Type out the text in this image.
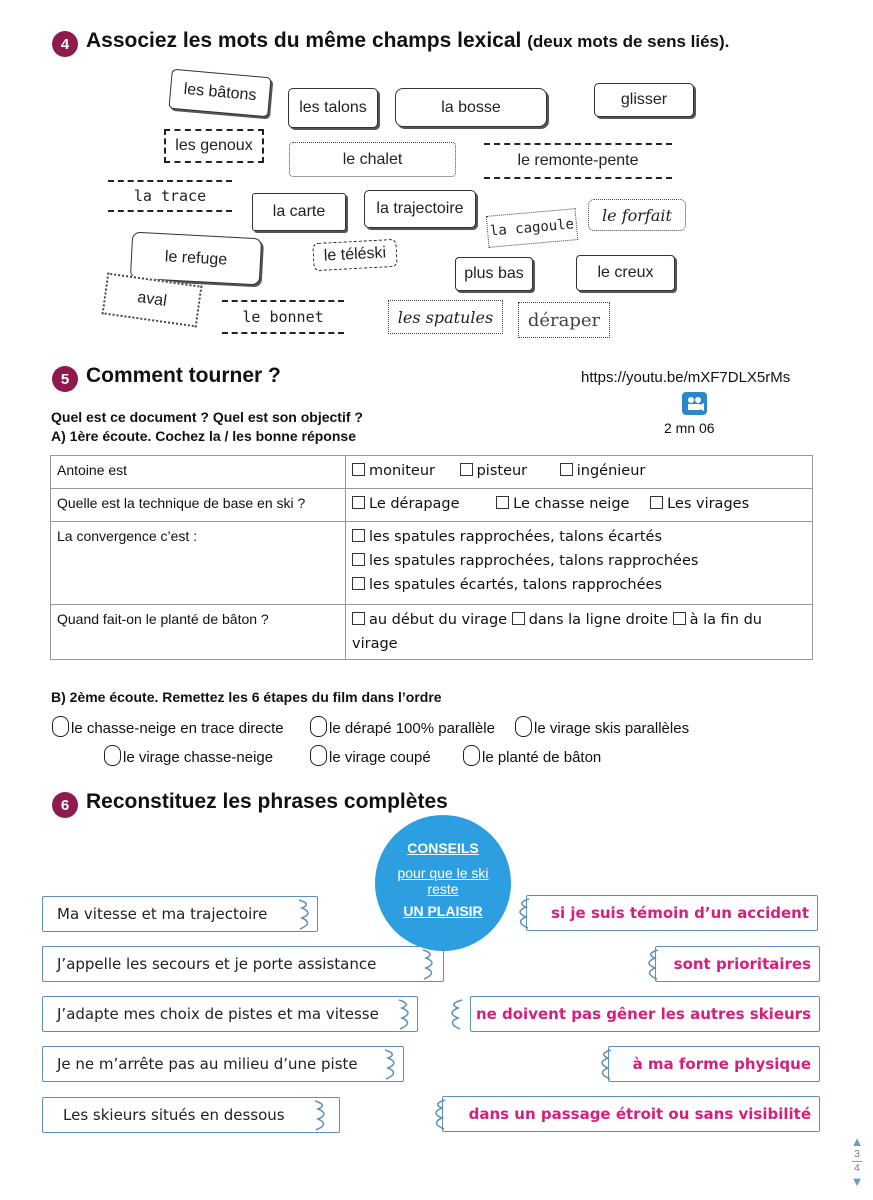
4 Associez les mots du même champs lexical (deux mots de sens liés).
les bâtons
les talons	la bosse	glisser
les genoux
le chalet	le remonte-pente
la trace
la carte	la trajectoire
la cagoule
le forfait
le refuge	le téléski
plus bas	le creux
aval
le bonnet	les spatules	déraper
5 Comment tourner ?	https://youtu.be/mXF7DLX5rMs
2 mn 06
Quel est ce document ? Quel est son objectif ?
A) 1ère écoute. Cochez la / les bonne réponse
Antoine est	moniteur pisteur ingénieur
Quelle est la technique de base en ski ?	Le dérapage Le chasse neige Les virages
La convergence c’est :	les spatules rapprochées, talons écartés
les spatules rapprochées, talons rapprochées
les spatules écartés, talons rapprochées

Quand fait-on le planté de bâton ?	au début du virage dans la ligne droite à la fin du
virage
B) 2ème écoute. Remettez les 6 étapes du film dans l’ordre
le chasse-neige en trace directe	le dérapé 100% parallèle	le virage skis parallèles
le virage chasse-neige	le virage coupé	le planté de bâton
6 Reconstituez les phrases complètes
Ma vitesse et ma trajectoire
J’appelle les secours et je porte assistance
J’adapte mes choix de pistes et ma vitesse
Je ne m’arrête pas au milieu d’une piste
Les skieurs situés en dessous
si je suis témoin d’un accident
sont prioritaires
ne doivent pas gêner les autres skieurs
à ma forme physique
dans un passage étroit ou sans visibilité
CONSEILS
pour que le ski
reste
UN PLAISIR
▲
3
4
▼
